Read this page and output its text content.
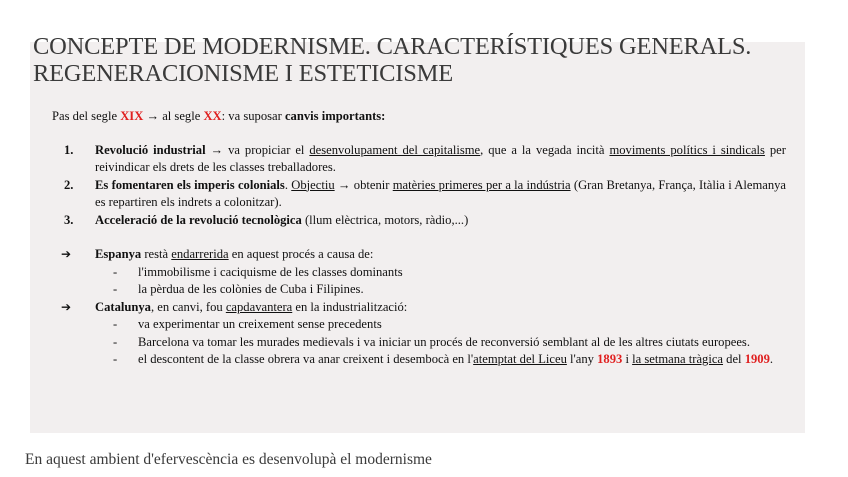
CONCEPTE DE MODERNISME. CARACTERÍSTIQUES GENERALS.
REGENERACIONISME I ESTETICISME

Pas del segle XIX → al segle XX: va suposar canvis importants:

1. Revolució industrial → va propiciar el desenvolupament del capitalisme, que a la vegada incità moviments polítics i sindicals per reivindicar els drets de les classes treballadores.
2. Es fomentaren els imperis colonials. Objectiu → obtenir matèries primeres per a la indústria (Gran Bretanya, França, Itàlia i Alemanya es repartiren els indrets a colonitzar).
3. Acceleració de la revolució tecnològica (llum elèctrica, motors, ràdio,...)
➔ Espanya restà endarrerida en aquest procés a causa de:
- l'immobilisme i caciquisme de les classes dominants
- la pèrdua de les colònies de Cuba i Filipines.
➔ Catalunya, en canvi, fou capdavantera en la industrialització:
- va experimentar un creixement sense precedents
- Barcelona va tomar les murades medievals i va iniciar un procés de reconversió semblant al de les altres ciutats europees.
- el descontent de la classe obrera va anar creixent i desembocà en l'atemptat del Liceu l'any 1893 i la setmana tràgica del 1909.

En aquest ambient d'efervescència es desenvolupà el modernisme
